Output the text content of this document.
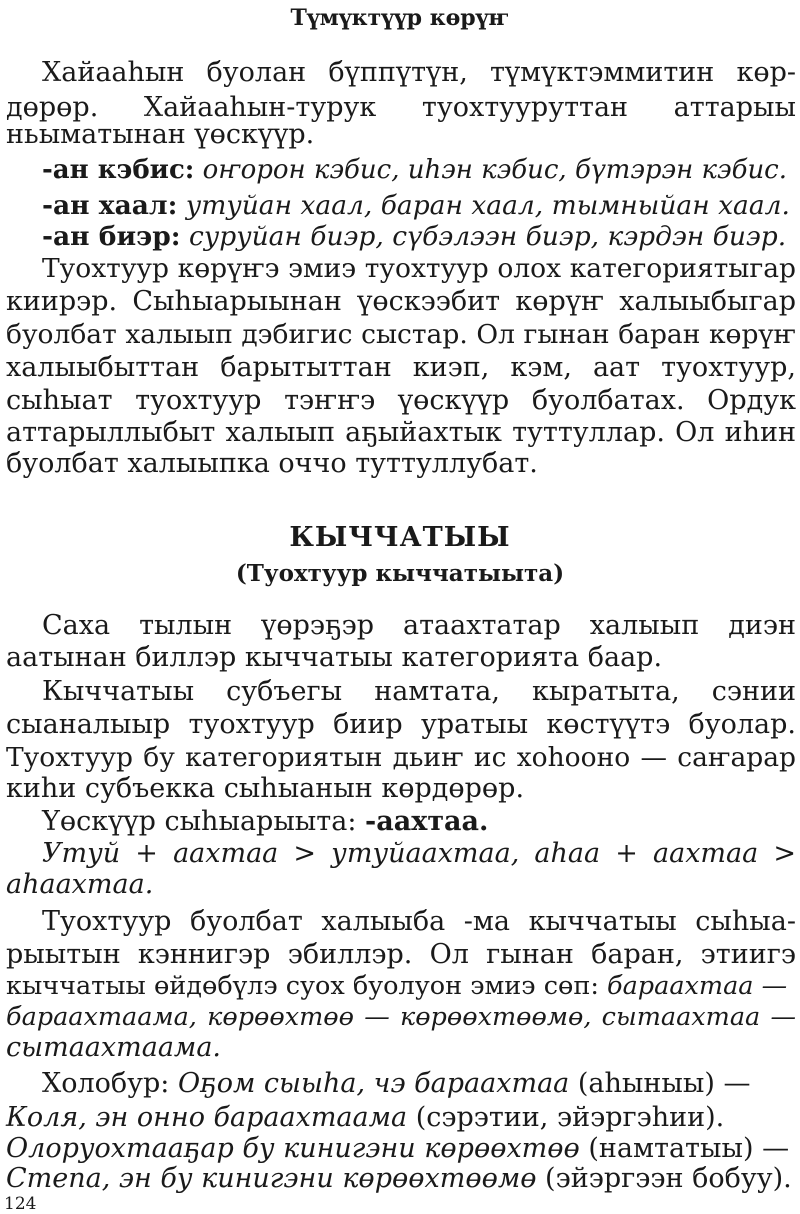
Түмүктүүр көрүҥ
Хайааһын буолан бүппүтүн, түмүктэммитин көр-
дөрөр. Хайааһын-турук туохтууруттан аттарыы
ньыматынан үөскүүр.
-ан кэбис: оҥорон кэбис, иһэн кэбис, бүтэрэн кэбис.
-ан хаал: утуйан хаал, баран хаал, тымныйан хаал.
-ан биэр: суруйан биэр, сүбэлээн биэр, кэрдэн биэр.
Туохтуур көрүҥэ эмиэ туохтуур олох категориятыгар
киирэр. Сыһыарыынан үөскээбит көрүҥ халыыбыгар
буолбат халыып дэбигис сыстар. Ол гынан баран көрүҥ
халыыбыттан барытыттан киэп, кэм, аат туохтуур,
сыһыат туохтуур тэҥҥэ үөскүүр буолбатах. Ордук
аттарыллыбыт халыып аҕыйахтык туттуллар. Ол иһин
буолбат халыыпка оччо туттуллубат.
КЫЧЧАТЫЫ
(Туохтуур кыччатыыта)
Саха тылын үөрэҕэр атаахтатар халыып диэн
аатынан биллэр кыччатыы категорията баар.
Кыччатыы субъегы намтата, кыратыта, сэнии
сыаналыыр туохтуур биир уратыы көстүүтэ буолар.
Туохтуур бу категориятын дьиҥ ис хоһооно — саҥарар
киһи субъекка сыһыанын көрдөрөр.
Үөскүүр сыһыарыыта: -аахтаа.
Утуй + аахтаа > утуйаахтаа, аһаа + аахтаа >
аһаахтаа.
Туохтуур буолбат халыыба -ма кыччатыы сыһыа-
рыытын кэннигэр эбиллэр. Ол гынан баран, этиигэ
кыччатыы өйдөбүлэ суох буолуон эмиэ сөп: бараахтаа —
бараахтаама, көрөөхтөө — көрөөхтөөмө, сытаахтаа —
сытаахтаама.
Холобур: Оҕом сыыһа, чэ бараахтаа (аһыныы) —
Коля, эн онно бараахтаама (сэрэтии, эйэргэһии).
Олоруохтааҕар бу кинигэни көрөөхтөө (намтатыы) —
Степа, эн бу кинигэни көрөөхтөөмө (эйэргээн бобуу).
124
